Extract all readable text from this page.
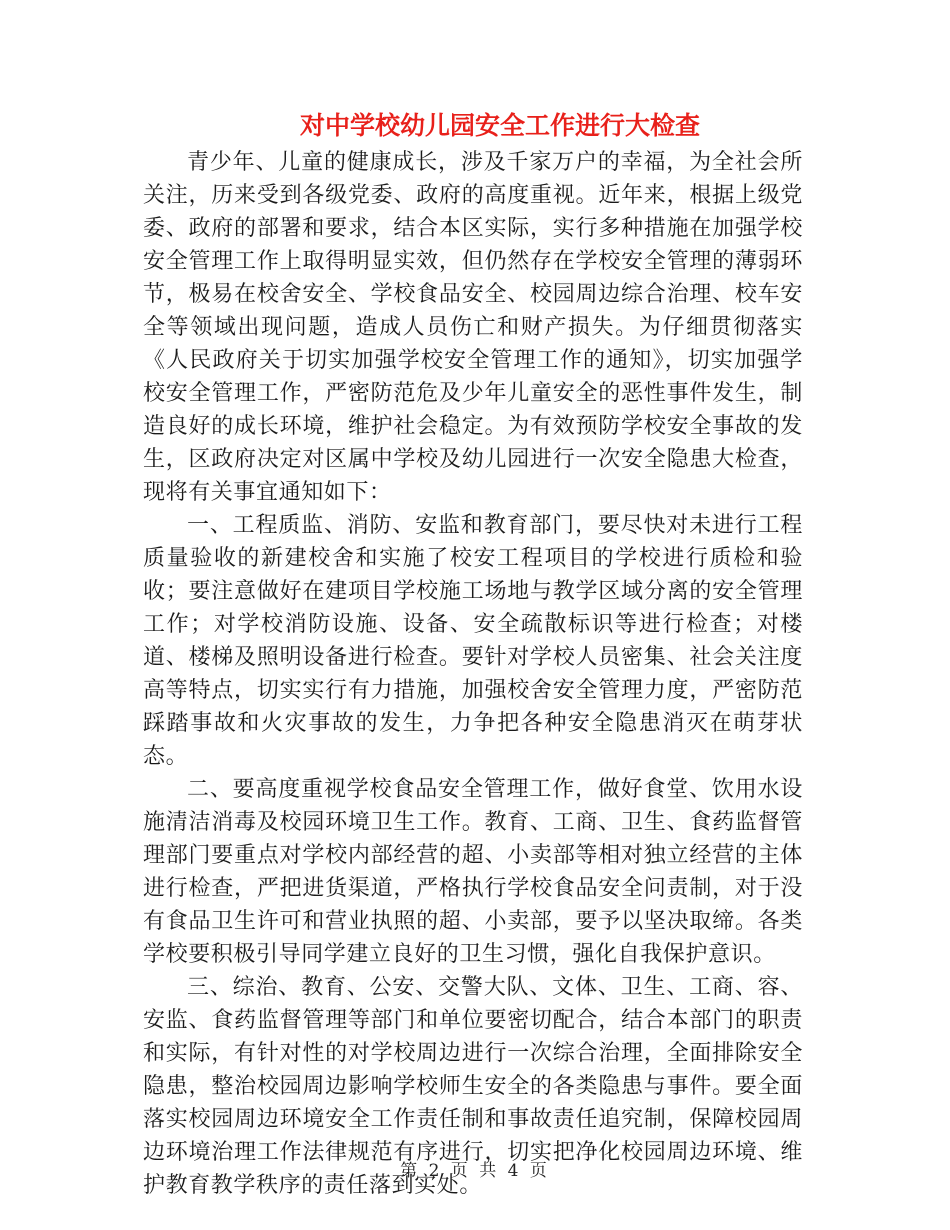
对中学校幼儿园安全工作进行大检查

青少年、儿童的健康成长，涉及千家万户的幸福，为全社会所关注，历来受到各级党委、政府的高度重视。近年来，根据上级党委、政府的部署和要求，结合本区实际，实行多种措施在加强学校安全管理工作上取得明显实效，但仍然存在学校安全管理的薄弱环节，极易在校舍安全、学校食品安全、校园周边综合治理、校车安全等领域出现问题，造成人员伤亡和财产损失。为仔细贯彻落实《人民政府关于切实加强学校安全管理工作的通知》，切实加强学校安全管理工作，严密防范危及少年儿童安全的恶性事件发生，制造良好的成长环境，维护社会稳定。为有效预防学校安全事故的发生，区政府决定对区属中学校及幼儿园进行一次安全隐患大检查，现将有关事宜通知如下：

一、工程质监、消防、安监和教育部门，要尽快对未进行工程质量验收的新建校舍和实施了校安工程项目的学校进行质检和验收；要注意做好在建项目学校施工场地与教学区域分离的安全管理工作；对学校消防设施、设备、安全疏散标识等进行检查；对楼道、楼梯及照明设备进行检查。要针对学校人员密集、社会关注度高等特点，切实实行有力措施，加强校舍安全管理力度，严密防范踩踏事故和火灾事故的发生，力争把各种安全隐患消灭在萌芽状态。

二、要高度重视学校食品安全管理工作，做好食堂、饮用水设施清洁消毒及校园环境卫生工作。教育、工商、卫生、食药监督管理部门要重点对学校内部经营的超、小卖部等相对独立经营的主体进行检查，严把进货渠道，严格执行学校食品安全问责制，对于没有食品卫生许可和营业执照的超、小卖部，要予以坚决取缔。各类学校要积极引导同学建立良好的卫生习惯，强化自我保护意识。

三、综治、教育、公安、交警大队、文体、卫生、工商、容、安监、食药监督管理等部门和单位要密切配合，结合本部门的职责和实际，有针对性的对学校周边进行一次综合治理，全面排除安全隐患，整治校园周边影响学校师生安全的各类隐患与事件。要全面落实校园周边环境安全工作责任制和事故责任追究制，保障校园周边环境治理工作法律规范有序进行，切实把净化校园周边环境、维护教育教学秩序的责任落到实处。

第 2 页 共 4 页
